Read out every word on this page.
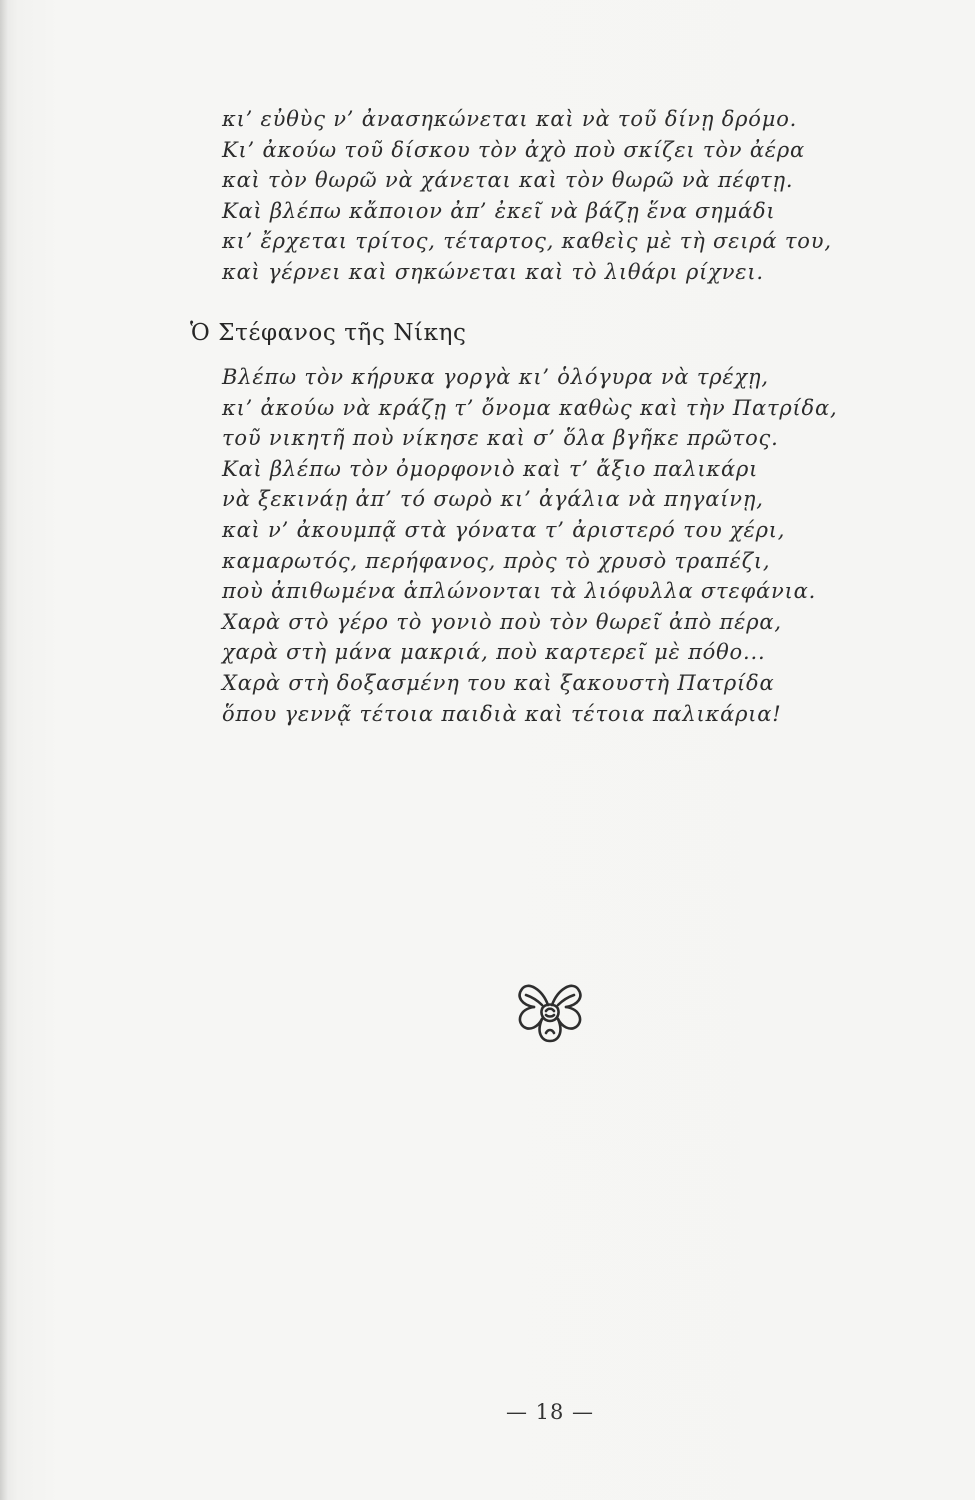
κι’ εὐθὺς ν’ ἀνασηκώνεται καὶ νὰ τοῦ δίνῃ δρόμο.
Κι’ ἀκούω τοῦ δίσκου τὸν ἀχὸ ποὺ σκίζει τὸν ἀέρα
καὶ τὸν θωρῶ νὰ χάνεται καὶ τὸν θωρῶ νὰ πέφτῃ.
Καὶ βλέπω κἄποιον ἀπ’ ἐκεῖ νὰ βάζῃ ἕνα σημάδι
κι’ ἔρχεται τρίτος, τέταρτος, καθεὶς μὲ τὴ σειρά του,
καὶ γέρνει καὶ σηκώνεται καὶ τὸ λιθάρι ρίχνει.
Ὁ Στέφανος τῆς Νίκης
Βλέπω τὸν κήρυκα γοργὰ κι’ ὁλόγυρα νὰ τρέχῃ,
κι’ ἀκούω νὰ κράζῃ τ’ ὄνομα καθὼς καὶ τὴν Πατρίδα,
τοῦ νικητῆ ποὺ νίκησε καὶ σ’ ὅλα βγῆκε πρῶτος.
Καὶ βλέπω τὸν ὀμορφονιὸ καὶ τ’ ἄξιο παλικάρι
νὰ ξεκινάῃ ἀπ’ τό σωρὸ κι’ ἀγάλια νὰ πηγαίνῃ,
καὶ ν’ ἀκουμπᾷ στὰ γόνατα τ’ ἀριστερό του χέρι,
καμαρωτός, περήφανος, πρὸς τὸ χρυσὸ τραπέζι,
ποὺ ἀπιθωμένα ἁπλώνονται τὰ λιόφυλλα στεφάνια.
Χαρὰ στὸ γέρο τὸ γονιὸ ποὺ τὸν θωρεῖ ἀπὸ πέρα,
χαρὰ στὴ μάνα μακριά, ποὺ καρτερεῖ μὲ πόθο...
Χαρὰ στὴ δοξασμένη του καὶ ξακουστὴ Πατρίδα
ὅπου γεννᾷ τέτοια παιδιὰ καὶ τέτοια παλικάρια!
— 18 —
